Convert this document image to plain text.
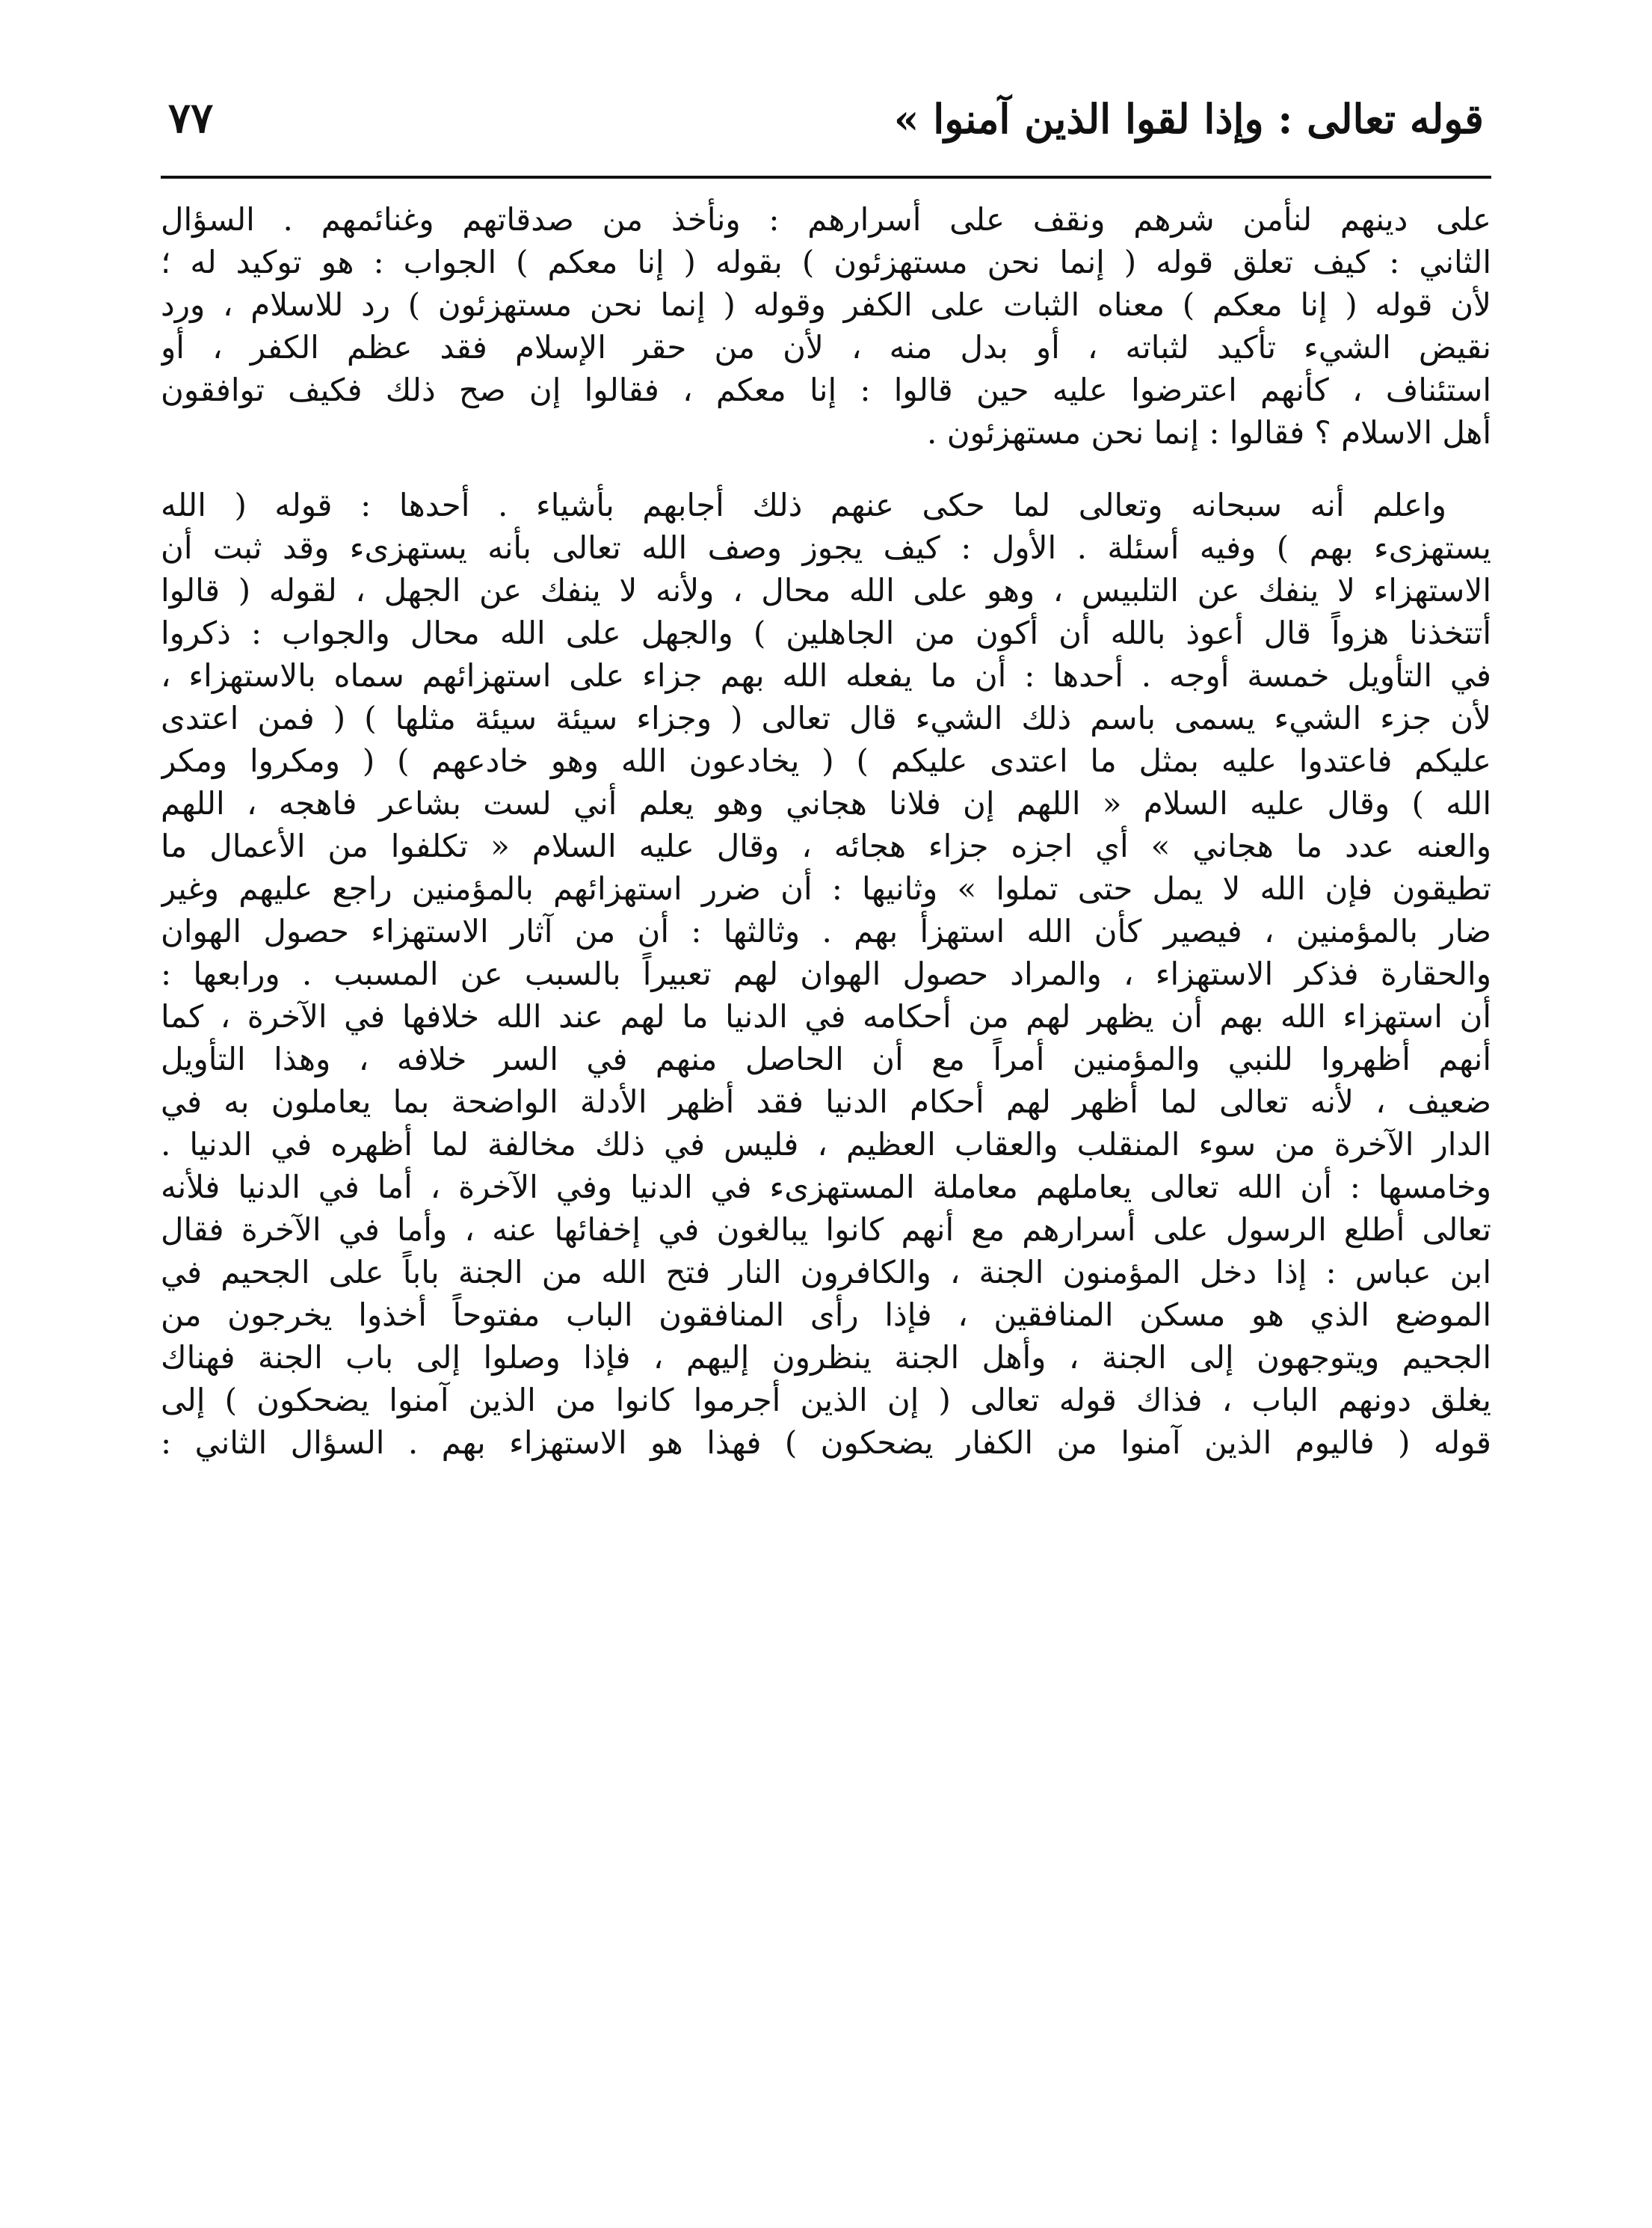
٧٧	قوله تعالى : وإذا لقوا الذين آمنوا »
على دينهم لنأمن شرهم ونقف على أسرارهم : ونأخذ من صدقاتهم وغنائمهم . السؤال
الثاني : كيف تعلق قوله ( إنما نحن مستهزئون ) بقوله ( إنا معكم ) الجواب : هو توكيد له ؛
لأن قوله ( إنا معكم ) معناه الثبات على الكفر وقوله ( إنما نحن مستهزئون ) رد للاسلام ، ورد
نقيض الشيء تأكيد لثباته ، أو بدل منه ، لأن من حقر الإسلام فقد عظم الكفر ، أو
استئناف ، كأنهم اعترضوا عليه حين قالوا : إنا معكم ، فقالوا إن صح ذلك فكيف توافقون
أهل الاسلام ؟ فقالوا : إنما نحن مستهزئون .
واعلم أنه سبحانه وتعالى لما حكى عنهم ذلك أجابهم بأشياء . أحدها : قوله ( الله
يستهزىء بهم ) وفيه أسئلة . الأول : كيف يجوز وصف الله تعالى بأنه يستهزىء وقد ثبت أن
الاستهزاء لا ينفك عن التلبيس ، وهو على الله محال ، ولأنه لا ينفك عن الجهل ، لقوله ( قالوا
أتتخذنا هزواً قال أعوذ بالله أن أكون من الجاهلين ) والجهل على الله محال والجواب : ذكروا
في التأويل خمسة أوجه . أحدها : أن ما يفعله الله بهم جزاء على استهزائهم سماه بالاستهزاء ،
لأن جزء الشيء يسمى باسم ذلك الشيء قال تعالى ( وجزاء سيئة سيئة مثلها ) ( فمن اعتدى
عليكم فاعتدوا عليه بمثل ما اعتدى عليكم ) ( يخادعون الله وهو خادعهم ) ( ومكروا ومكر
الله ) وقال عليه السلام « اللهم إن فلانا هجاني وهو يعلم أني لست بشاعر فاهجه ، اللهم
والعنه عدد ما هجاني » أي اجزه جزاء هجائه ، وقال عليه السلام « تكلفوا من الأعمال ما
تطيقون فإن الله لا يمل حتى تملوا » وثانيها : أن ضرر استهزائهم بالمؤمنين راجع عليهم وغير
ضار بالمؤمنين ، فيصير كأن الله استهزأ بهم . وثالثها : أن من آثار الاستهزاء حصول الهوان
والحقارة فذكر الاستهزاء ، والمراد حصول الهوان لهم تعبيراً بالسبب عن المسبب . ورابعها :
أن استهزاء الله بهم أن يظهر لهم من أحكامه في الدنيا ما لهم عند الله خلافها في الآخرة ، كما
أنهم أظهروا للنبي والمؤمنين أمراً مع أن الحاصل منهم في السر خلافه ، وهذا التأويل
ضعيف ، لأنه تعالى لما أظهر لهم أحكام الدنيا فقد أظهر الأدلة الواضحة بما يعاملون به في
الدار الآخرة من سوء المنقلب والعقاب العظيم ، فليس في ذلك مخالفة لما أظهره في الدنيا .
وخامسها : أن الله تعالى يعاملهم معاملة المستهزىء في الدنيا وفي الآخرة ، أما في الدنيا فلأنه
تعالى أطلع الرسول على أسرارهم مع أنهم كانوا يبالغون في إخفائها عنه ، وأما في الآخرة فقال
ابن عباس : إذا دخل المؤمنون الجنة ، والكافرون النار فتح الله من الجنة باباً على الجحيم في
الموضع الذي هو مسكن المنافقين ، فإذا رأى المنافقون الباب مفتوحاً أخذوا يخرجون من
الجحيم ويتوجهون إلى الجنة ، وأهل الجنة ينظرون إليهم ، فإذا وصلوا إلى باب الجنة فهناك
يغلق دونهم الباب ، فذاك قوله تعالى ( إن الذين أجرموا كانوا من الذين آمنوا يضحكون ) إلى
قوله ( فاليوم الذين آمنوا من الكفار يضحكون ) فهذا هو الاستهزاء بهم . السؤال الثاني :
